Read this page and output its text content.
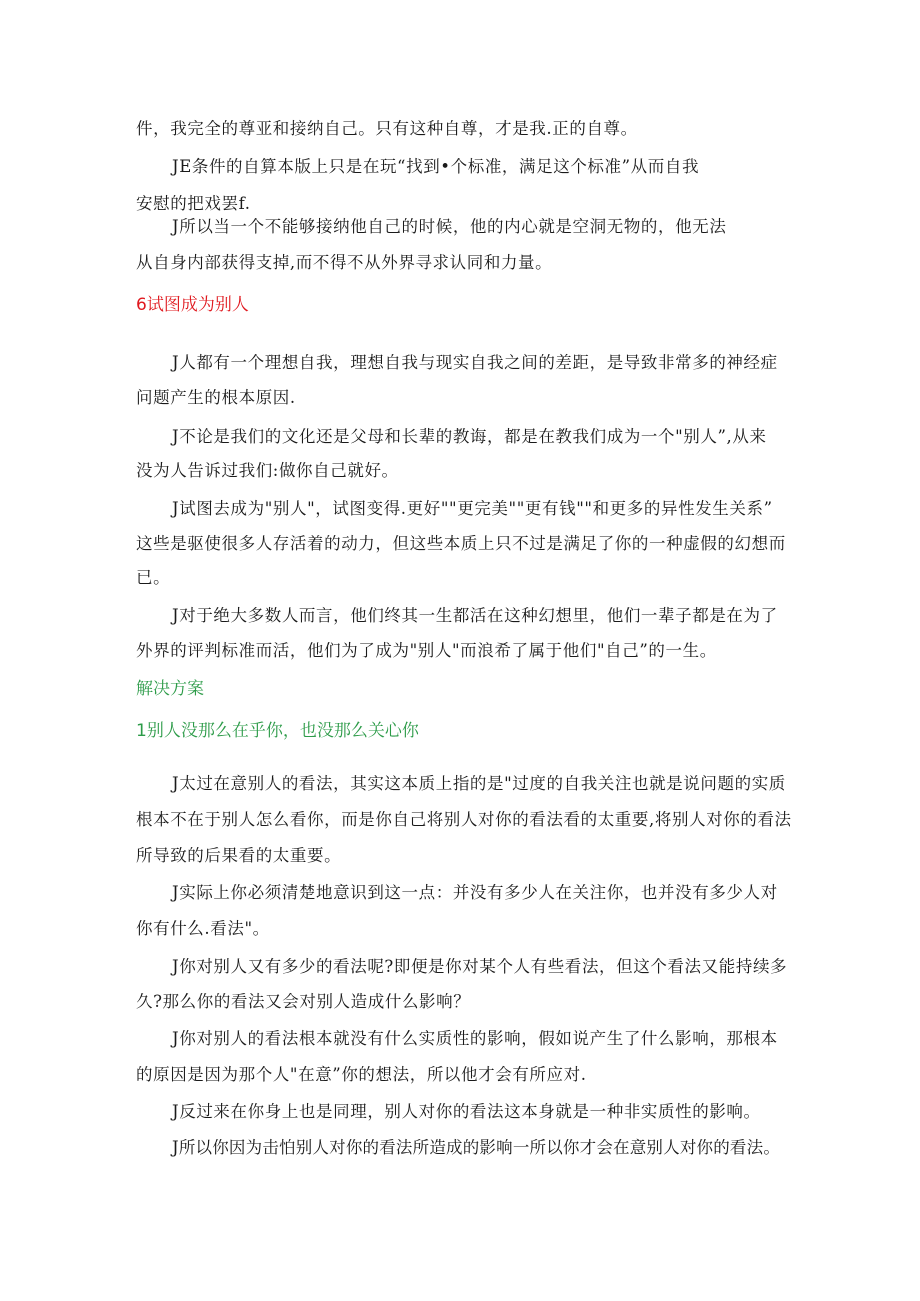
件，我完全的尊亚和接纳自己。只有这种自尊，才是我.正的自尊。
JE条件的自算本版上只是在玩“找到•个标准，满足这个标准”从而自我
安慰的把戏罢f.
J所以当一个不能够接纳他自己的时候，他的内心就是空洞无物的，他无法
从自身内部获得支掉,而不得不从外界寻求认同和力量。
6试图成为别人
J人都有一个理想自我，理想自我与现实自我之间的差距，是导致非常多的神经症
问题产生的根本原因.
J不论是我们的文化还是父母和长辈的教诲，都是在教我们成为一个"别人”,从来
没为人告诉过我们:做你自己就好。
J试图去成为"别人"，试图变得.更好""更完美""更有钱""和更多的异性发生关系”
这些是驱使很多人存活着的动力，但这些本质上只不过是满足了你的一种虚假的幻想而
已。
J对于绝大多数人而言，他们终其一生都活在这种幻想里，他们一辈子都是在为了
外界的评判标准而活，他们为了成为"别人"而浪希了属于他们"自己”的一生。
解决方案
1别人没那么在乎你，也没那么关心你
J太过在意别人的看法，其实这本质上指的是"过度的自我关注也就是说问题的实质
根本不在于别人怎么看你，而是你自己将别人对你的看法看的太重要,将别人对你的看法
所导致的后果看的太重要。
J实际上你必须清楚地意识到这一点：并没有多少人在关注你，也并没有多少人对
你有什么.看法"。
J你对别人又有多少的看法呢?即便是你对某个人有些看法，但这个看法又能持续多
久?那么你的看法又会对别人造成什么影响？
J你对别人的看法根本就没有什么实质性的影响，假如说产生了什么影响，那根本
的原因是因为那个人"在意”你的想法，所以他才会有所应对.
J反过来在你身上也是同理，别人对你的看法这本身就是一种非实质性的影响。
J所以你因为击怕别人对你的看法所造成的影响一所以你才会在意别人对你的看法。
